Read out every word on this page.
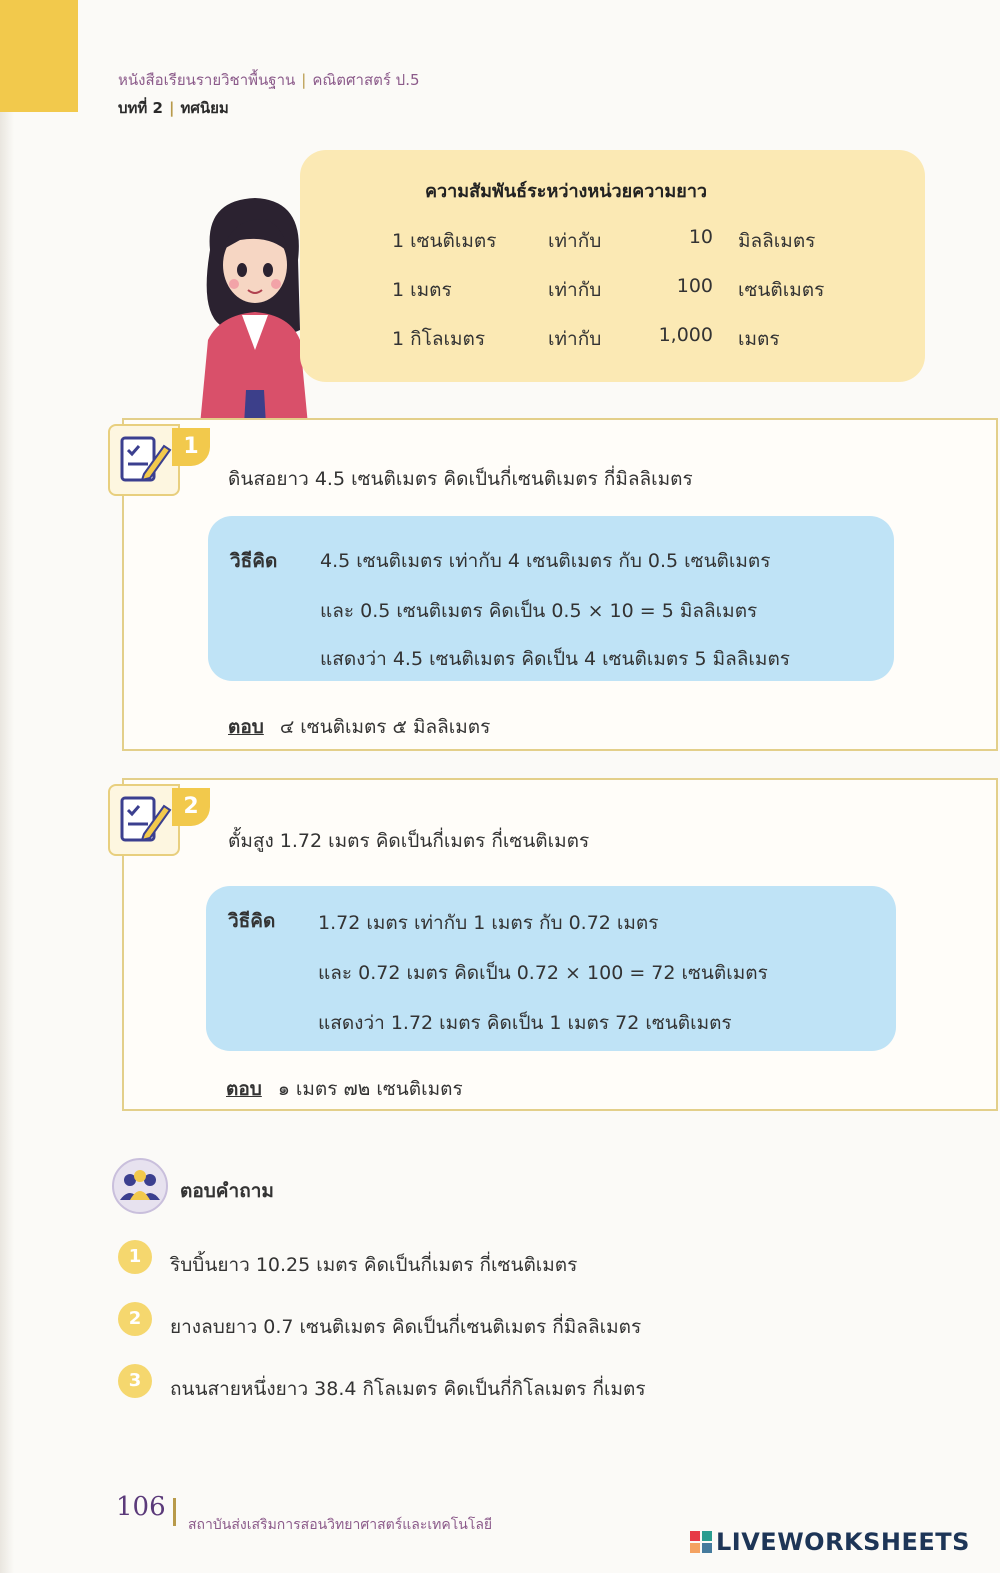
หนังสือเรียนรายวิชาพื้นฐาน | คณิตศาสตร์ ป.5
บทที่ 2 | ทศนิยม
ความสัมพันธ์ระหว่างหน่วยความยาว
1 เซนติเมตร	เท่ากับ	10 มิลลิเมตร
1 เมตร	เท่ากับ	100 เซนติเมตร
1 กิโลเมตร	เท่ากับ	1,000 เมตร
1
ดินสอยาว 4.5 เซนติเมตร คิดเป็นกี่เซนติเมตร กี่มิลลิเมตร
วิธีคิด 4.5 เซนติเมตร เท่ากับ 4 เซนติเมตร กับ 0.5 เซนติเมตร
และ 0.5 เซนติเมตร คิดเป็น 0.5 × 10 = 5 มิลลิเมตร
แสดงว่า 4.5 เซนติเมตร คิดเป็น 4 เซนติเมตร 5 มิลลิเมตร
ตอบ ๔ เซนติเมตร ๕ มิลลิเมตร
2
ตั้มสูง 1.72 เมตร คิดเป็นกี่เมตร กี่เซนติเมตร
วิธีคิด 1.72 เมตร เท่ากับ 1 เมตร กับ 0.72 เมตร
และ 0.72 เมตร คิดเป็น 0.72 × 100 = 72 เซนติเมตร
แสดงว่า 1.72 เมตร คิดเป็น 1 เมตร 72 เซนติเมตร
ตอบ ๑ เมตร ๗๒ เซนติเมตร
ตอบคำถาม
1	ริบบิ้นยาว 10.25 เมตร คิดเป็นกี่เมตร กี่เซนติเมตร
2	ยางลบยาว 0.7 เซนติเมตร คิดเป็นกี่เซนติเมตร กี่มิลลิเมตร
3	ถนนสายหนึ่งยาว 38.4 กิโลเมตร คิดเป็นกี่กิโลเมตร กี่เมตร
106
สถาบันส่งเสริมการสอนวิทยาศาสตร์และเทคโนโลยี
LIVEWORKSHEETS
